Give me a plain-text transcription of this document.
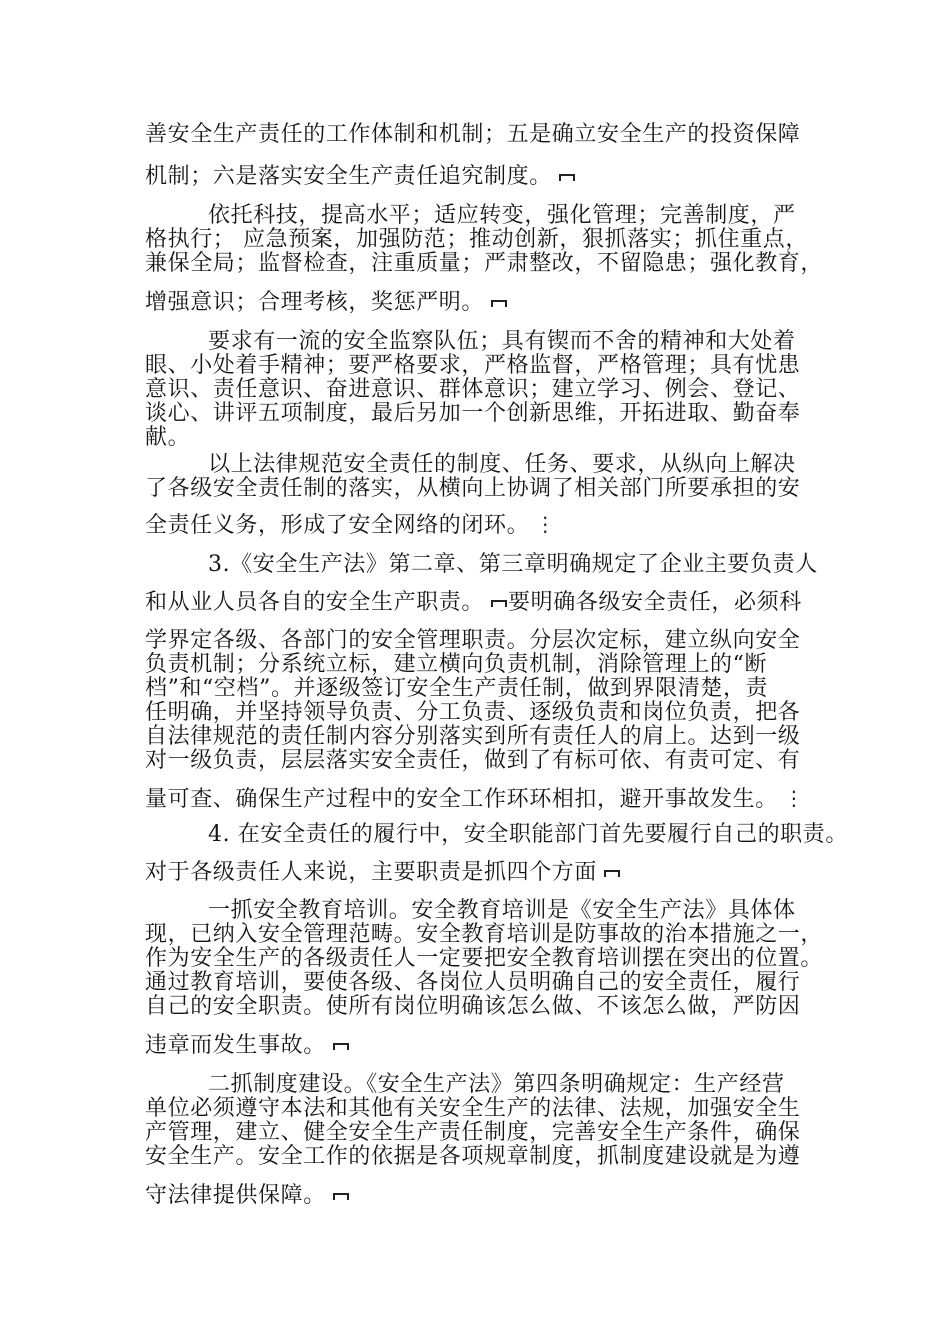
善安全生产责任的工作体制和机制；五是确立安全生产的投资保障
机制；六是落实安全生产责任追究制度。
依托科技，提高水平；适应转变，强化管理；完善制度，严
格执行； 应急预案，加强防范；推动创新，狠抓落实；抓住重点，
兼保全局；监督检查，注重质量；严肃整改，不留隐患；强化教育，
增强意识；合理考核，奖惩严明。
要求有一流的安全监察队伍；具有锲而不舍的精神和大处着
眼、小处着手精神；要严格要求，严格监督，严格管理；具有忧患
意识、责任意识、奋进意识、群体意识；建立学习、例会、登记、
谈心、讲评五项制度，最后另加一个创新思维，开拓进取、勤奋奉
献。
以上法律规范安全责任的制度、任务、要求，从纵向上解决
了各级安全责任制的落实，从横向上协调了相关部门所要承担的安
全责任义务，形成了安全网络的闭环。⋮
3.《安全生产法》第二章、第三章明确规定了企业主要负责人
和从业人员各自的安全生产职责。 要明确各级安全责任，必须科
学界定各级、各部门的安全管理职责。分层次定标，建立纵向安全
负责机制；分系统立标，建立横向负责机制，消除管理上的“断
档”和“空档”。并逐级签订安全生产责任制，做到界限清楚，责
任明确，并坚持领导负责、分工负责、逐级负责和岗位负责，把各
自法律规范的责任制内容分别落实到所有责任人的肩上。达到一级
对一级负责，层层落实安全责任，做到了有标可依、有责可定、有
量可查、确保生产过程中的安全工作环环相扣，避开事故发生。⋮
4. 在安全责任的履行中，安全职能部门首先要履行自己的职责。
对于各级责任人来说，主要职责是抓四个方面
一抓安全教育培训。安全教育培训是《安全生产法》具体体
现，已纳入安全管理范畴。安全教育培训是防事故的治本措施之一，
作为安全生产的各级责任人一定要把安全教育培训摆在突出的位置。
通过教育培训，要使各级、各岗位人员明确自己的安全责任，履行
自己的安全职责。使所有岗位明确该怎么做、不该怎么做，严防因
违章而发生事故。
二抓制度建设。《安全生产法》第四条明确规定：生产经营
单位必须遵守本法和其他有关安全生产的法律、法规，加强安全生
产管理，建立、健全安全生产责任制度，完善安全生产条件，确保
安全生产。安全工作的依据是各项规章制度，抓制度建设就是为遵
守法律提供保障。
